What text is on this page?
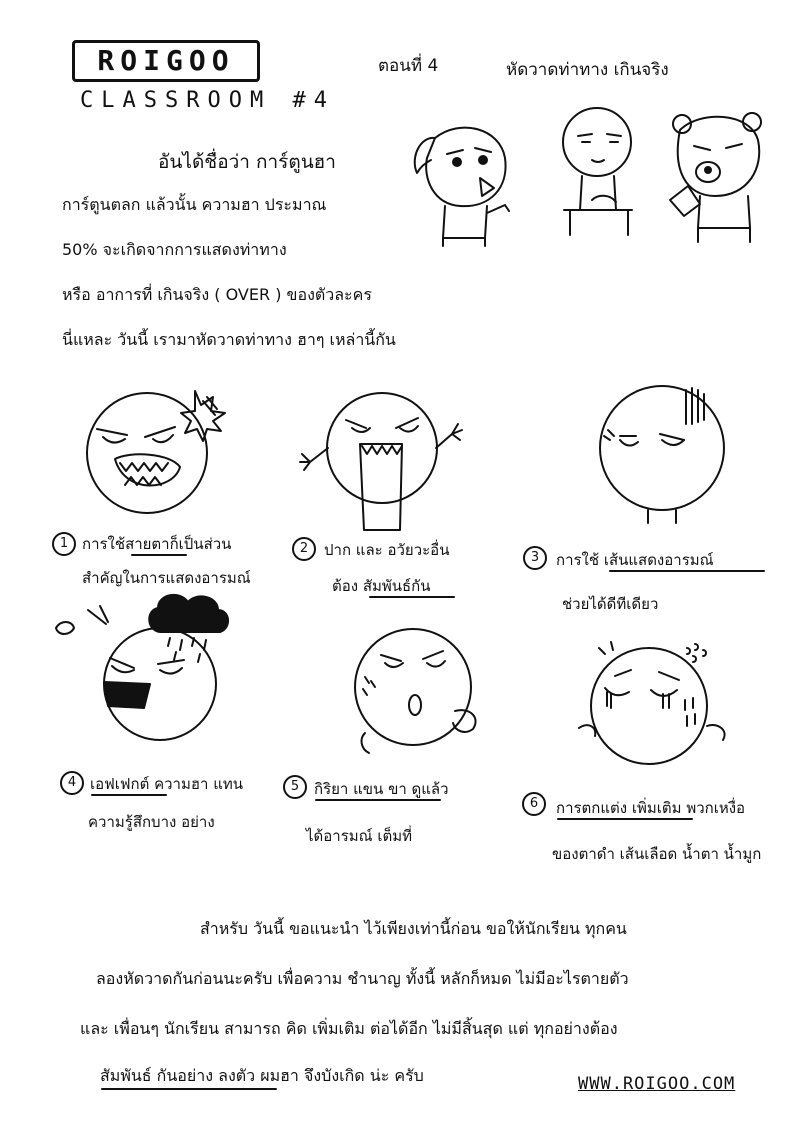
ROIGOO
CLASSROOM #4
ตอนที่ 4	หัดวาดท่าทาง เกินจริง
อันได้ชื่อว่า การ์ตูนฮา
การ์ตูนตลก แล้วนั้น ความฮา ประมาณ
50% จะเกิดจากการแสดงท่าทาง
หรือ อาการที่ เกินจริง ( OVER ) ของตัวละคร
นี่แหละ วันนี้ เรามาหัดวาดท่าทาง ฮาๆ เหล่านี้กัน
1 การใช้สายตาก็เป็นส่วน
สำคัญในการแสดงอารมณ์
2	ปาก และ อวัยวะอื่น
ต้อง สัมพันธ์กัน
3	การใช้ เส้นแสดงอารมณ์
ช่วยได้ดีทีเดียว
4 เอฟเฟกต์ ความฮา แทน
ความรู้สึกบาง อย่าง
5 กิริยา แขน ขา ดูแล้ว
ได้อารมณ์ เต็มที่
6	การตกแต่ง เพิ่มเติม พวกเหงื่อ
ของตาดำ เส้นเลือด น้ำตา น้ำมูก
สำหรับ วันนี้ ขอแนะนำ ไว้เพียงเท่านี้ก่อน ขอให้นักเรียน ทุกคน
ลองหัดวาดกันก่อนนะครับ เพื่อความ ชำนาญ ทั้งนี้ หลักก็หมด ไม่มีอะไรตายตัว
และ เพื่อนๆ นักเรียน สามารถ คิด เพิ่มเติม ต่อได้อีก ไม่มีสิ้นสุด แต่ ทุกอย่างต้อง
สัมพันธ์ กันอย่าง ลงตัว ผมฮา จึงบังเกิด น่ะ ครับ	WWW.ROIGOO.COM
